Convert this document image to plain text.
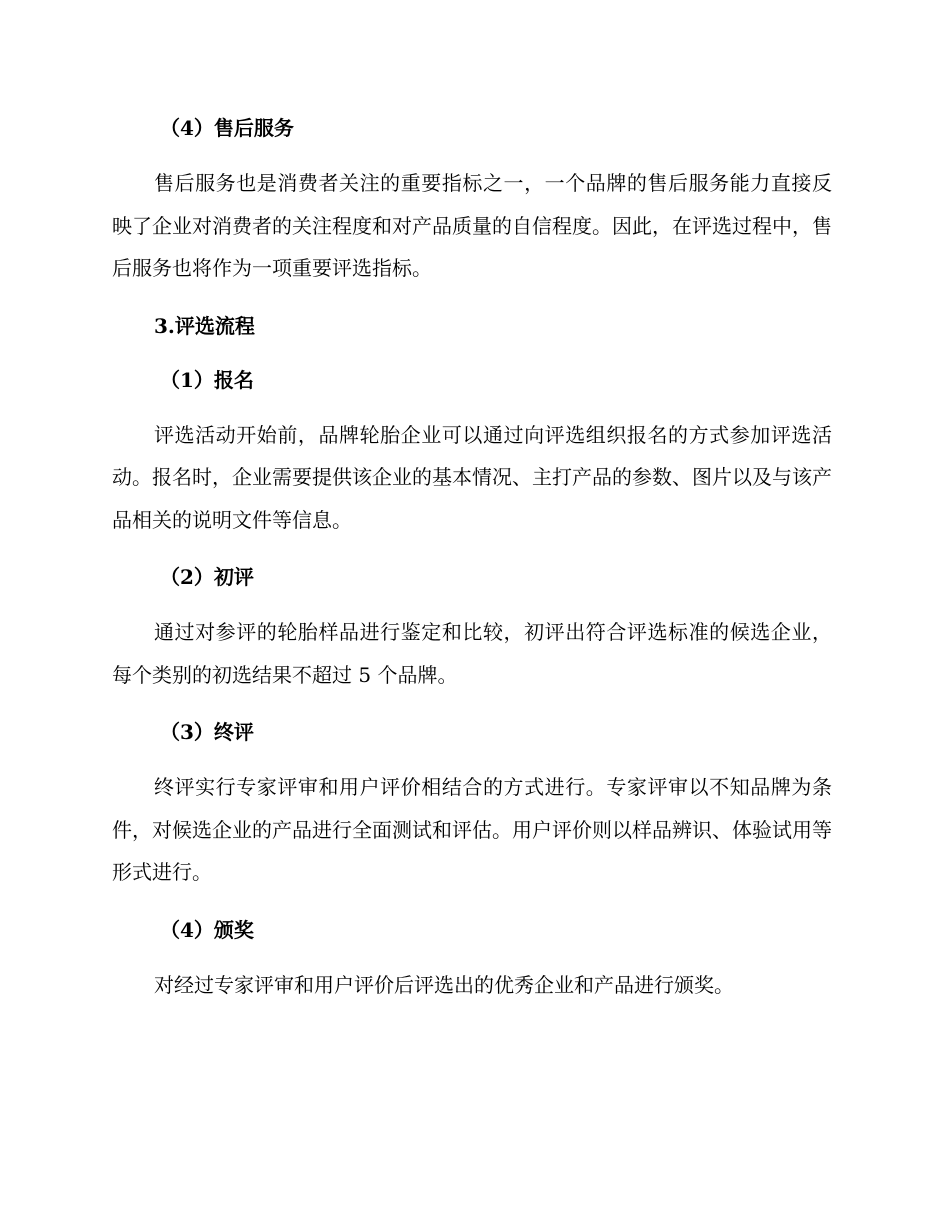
（4）售后服务

售后服务也是消费者关注的重要指标之一，一个品牌的售后服务能力直接反映了企业对消费者的关注程度和对产品质量的自信程度。因此，在评选过程中，售后服务也将作为一项重要评选指标。

3.评选流程

（1）报名

评选活动开始前，品牌轮胎企业可以通过向评选组织报名的方式参加评选活动。报名时，企业需要提供该企业的基本情况、主打产品的参数、图片以及与该产品相关的说明文件等信息。

（2）初评

通过对参评的轮胎样品进行鉴定和比较，初评出符合评选标准的候选企业，每个类别的初选结果不超过 5 个品牌。

（3）终评

终评实行专家评审和用户评价相结合的方式进行。专家评审以不知品牌为条件，对候选企业的产品进行全面测试和评估。用户评价则以样品辨识、体验试用等形式进行。

（4）颁奖

对经过专家评审和用户评价后评选出的优秀企业和产品进行颁奖。
